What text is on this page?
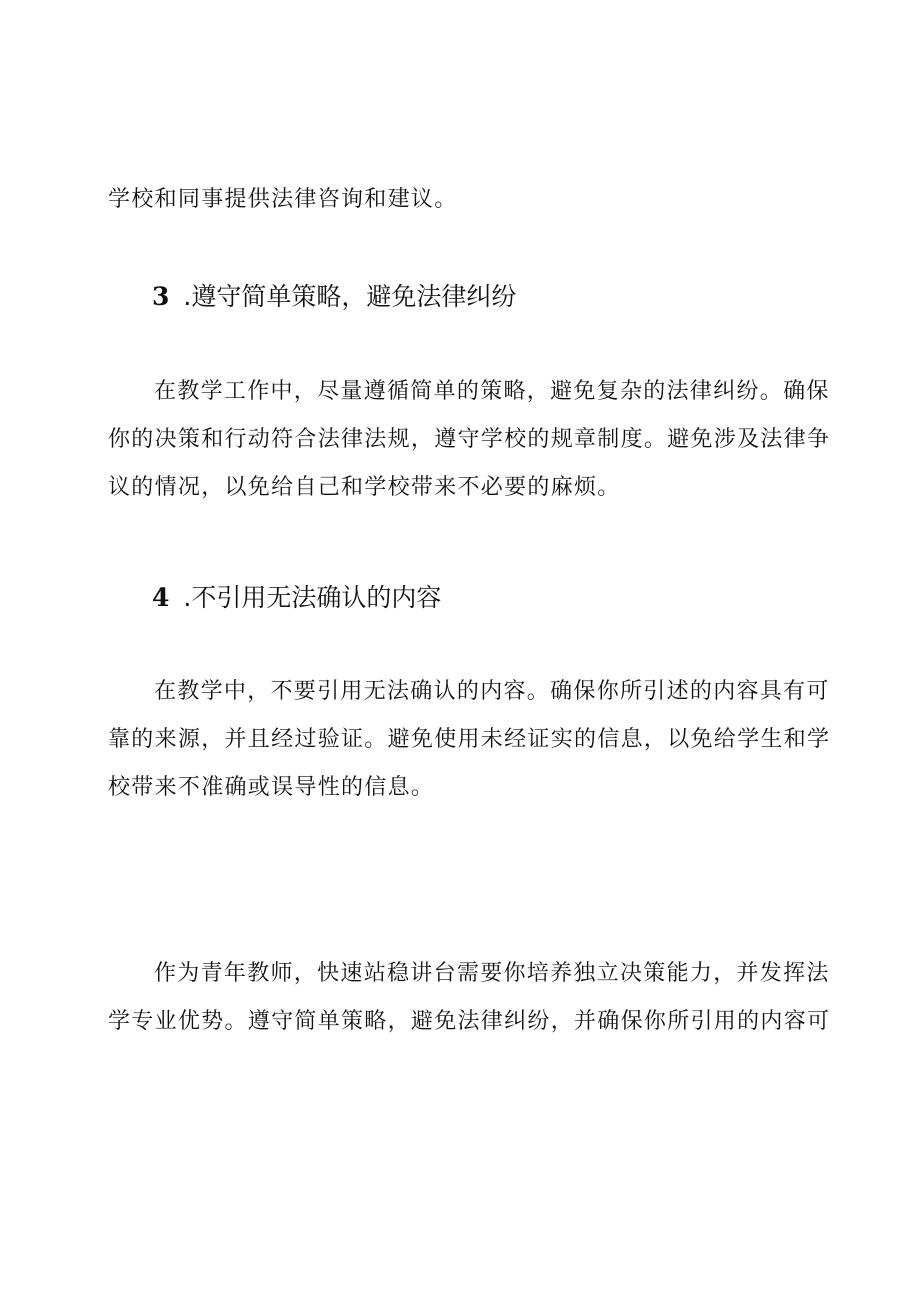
学校和同事提供法律咨询和建议。
3 .遵守简单策略，避免法律纠纷
在教学工作中，尽量遵循简单的策略，避免复杂的法律纠纷。确保
你的决策和行动符合法律法规，遵守学校的规章制度。避免涉及法律争
议的情况，以免给自己和学校带来不必要的麻烦。
4 .不引用无法确认的内容
在教学中，不要引用无法确认的内容。确保你所引述的内容具有可
靠的来源，并且经过验证。避免使用未经证实的信息，以免给学生和学
校带来不准确或误导性的信息。
作为青年教师，快速站稳讲台需要你培养独立决策能力，并发挥法
学专业优势。遵守简单策略，避免法律纠纷，并确保你所引用的内容可
